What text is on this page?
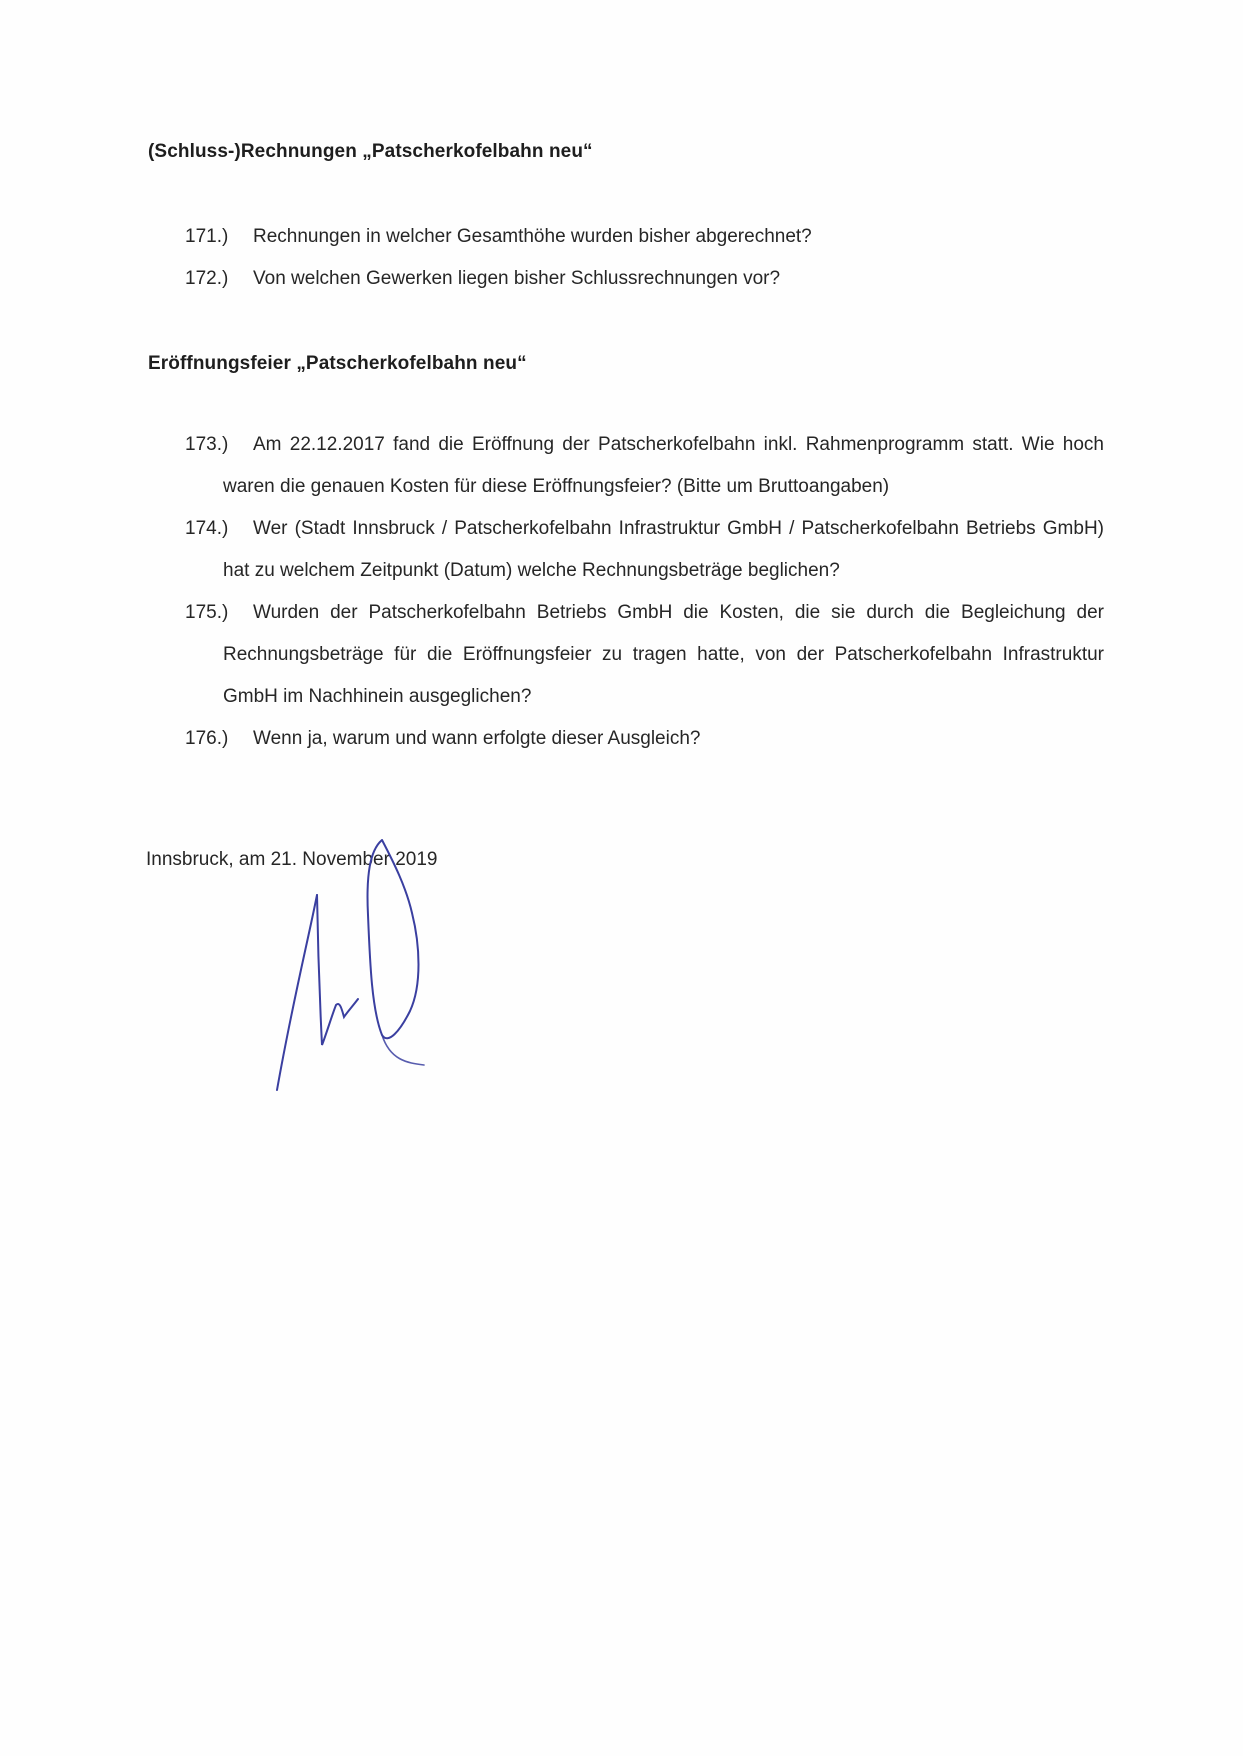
(Schluss-)Rechnungen „Patscherkofelbahn neu“
171.) Rechnungen in welcher Gesamthöhe wurden bisher abgerechnet?
172.) Von welchen Gewerken liegen bisher Schlussrechnungen vor?
Eröffnungsfeier „Patscherkofelbahn neu“
173.)	Am 22.12.2017 fand die Eröffnung der Patscherkofelbahn inkl. Rahmenprogramm statt. Wie hoch waren die genauen Kosten für diese Eröffnungsfeier? (Bitte um Bruttoangaben)
174.)	Wer (Stadt Innsbruck / Patscherkofelbahn Infrastruktur GmbH / Patscherkofelbahn Betriebs GmbH) hat zu welchem Zeitpunkt (Datum) welche Rechnungsbeträge beglichen?
175.)	Wurden der Patscherkofelbahn Betriebs GmbH die Kosten, die sie durch die Begleichung der Rechnungsbeträge für die Eröffnungsfeier zu tragen hatte, von der Patscherkofelbahn Infrastruktur GmbH im Nachhinein ausgeglichen?
176.)	Wenn ja, warum und wann erfolgte dieser Ausgleich?
Innsbruck, am 21. November 2019
